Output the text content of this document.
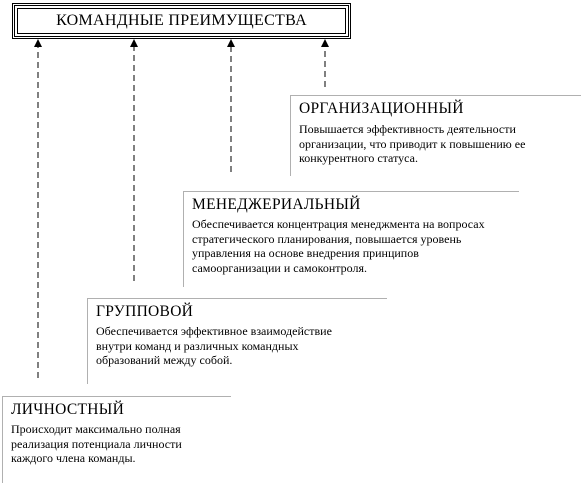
КОМАНДНЫЕ ПРЕИМУЩЕСТВА
ОРГАНИЗАЦИОННЫЙ
Повышается эффективность деятельности
организации, что приводит к повышению ее
конкурентного статуса.
МЕНЕДЖЕРИАЛЬНЫЙ
Обеспечивается концентрация менеджмента на вопросах
стратегического планирования, повышается уровень
управления на основе внедрения принципов
самоорганизации и самоконтроля.
ГРУППОВОЙ
Обеспечивается эффективное взаимодействие
внутри команд и различных командных
образований между собой.
ЛИЧНОСТНЫЙ
Происходит максимально полная
реализация потенциала личности
каждого члена команды.
